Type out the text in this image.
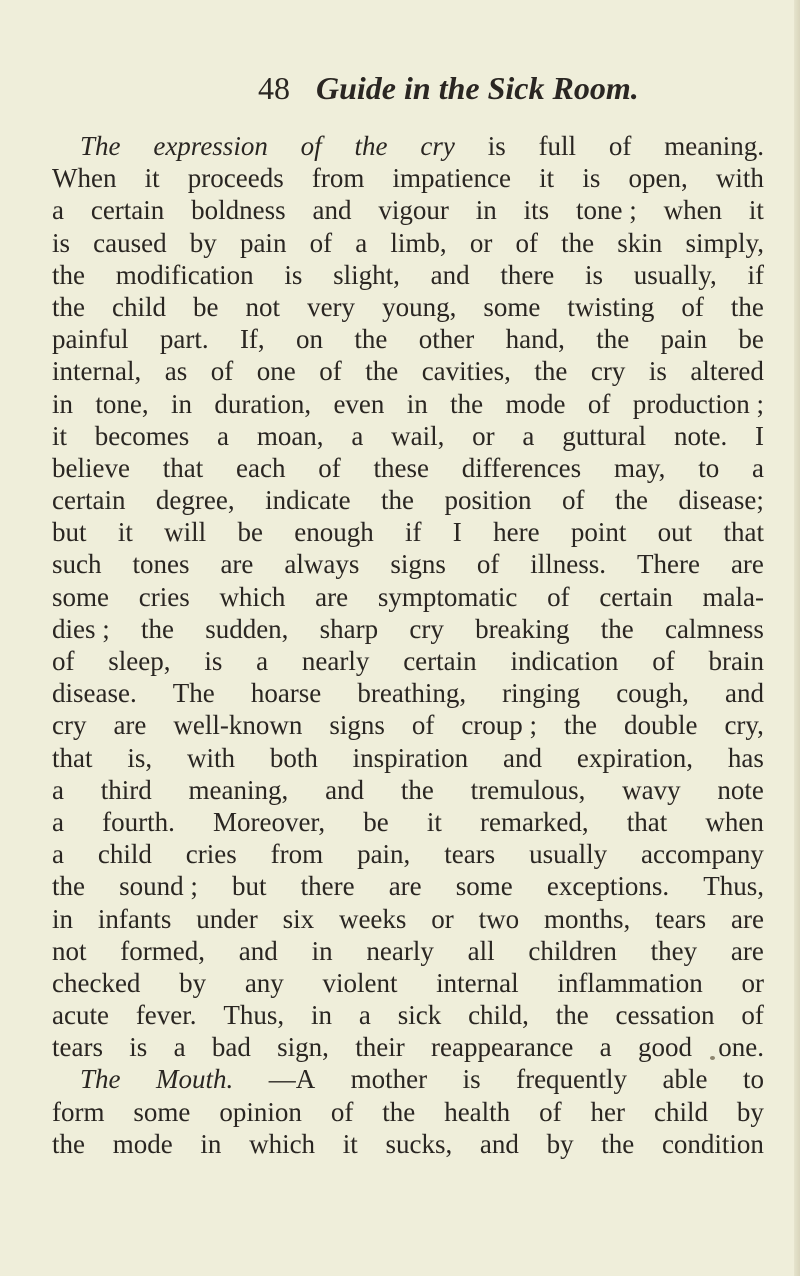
48 Guide in the Sick Room.
The expression of the cry is full of meaning.
When it proceeds from impatience it is open, with
a certain boldness and vigour in its tone ; when it
is caused by pain of a limb, or of the skin simply,
the modification is slight, and there is usually, if
the child be not very young, some twisting of the
painful part. If, on the other hand, the pain be
internal, as of one of the cavities, the cry is altered
in tone, in duration, even in the mode of production ;
it becomes a moan, a wail, or a guttural note. I
believe that each of these differences may, to a
certain degree, indicate the position of the disease;
but it will be enough if I here point out that
such tones are always signs of illness. There are
some cries which are symptomatic of certain mala-
dies ; the sudden, sharp cry breaking the calmness
of sleep, is a nearly certain indication of brain
disease. The hoarse breathing, ringing cough, and
cry are well-known signs of croup ; the double cry,
that is, with both inspiration and expiration, has
a third meaning, and the tremulous, wavy note
a fourth. Moreover, be it remarked, that when
a child cries from pain, tears usually accompany
the sound ; but there are some exceptions. Thus,
in infants under six weeks or two months, tears are
not formed, and in nearly all children they are
checked by any violent internal inflammation or
acute fever. Thus, in a sick child, the cessation of
tears is a bad sign, their reappearance a good one.
The Mouth. —A mother is frequently able to
form some opinion of the health of her child by
the mode in which it sucks, and by the condition
